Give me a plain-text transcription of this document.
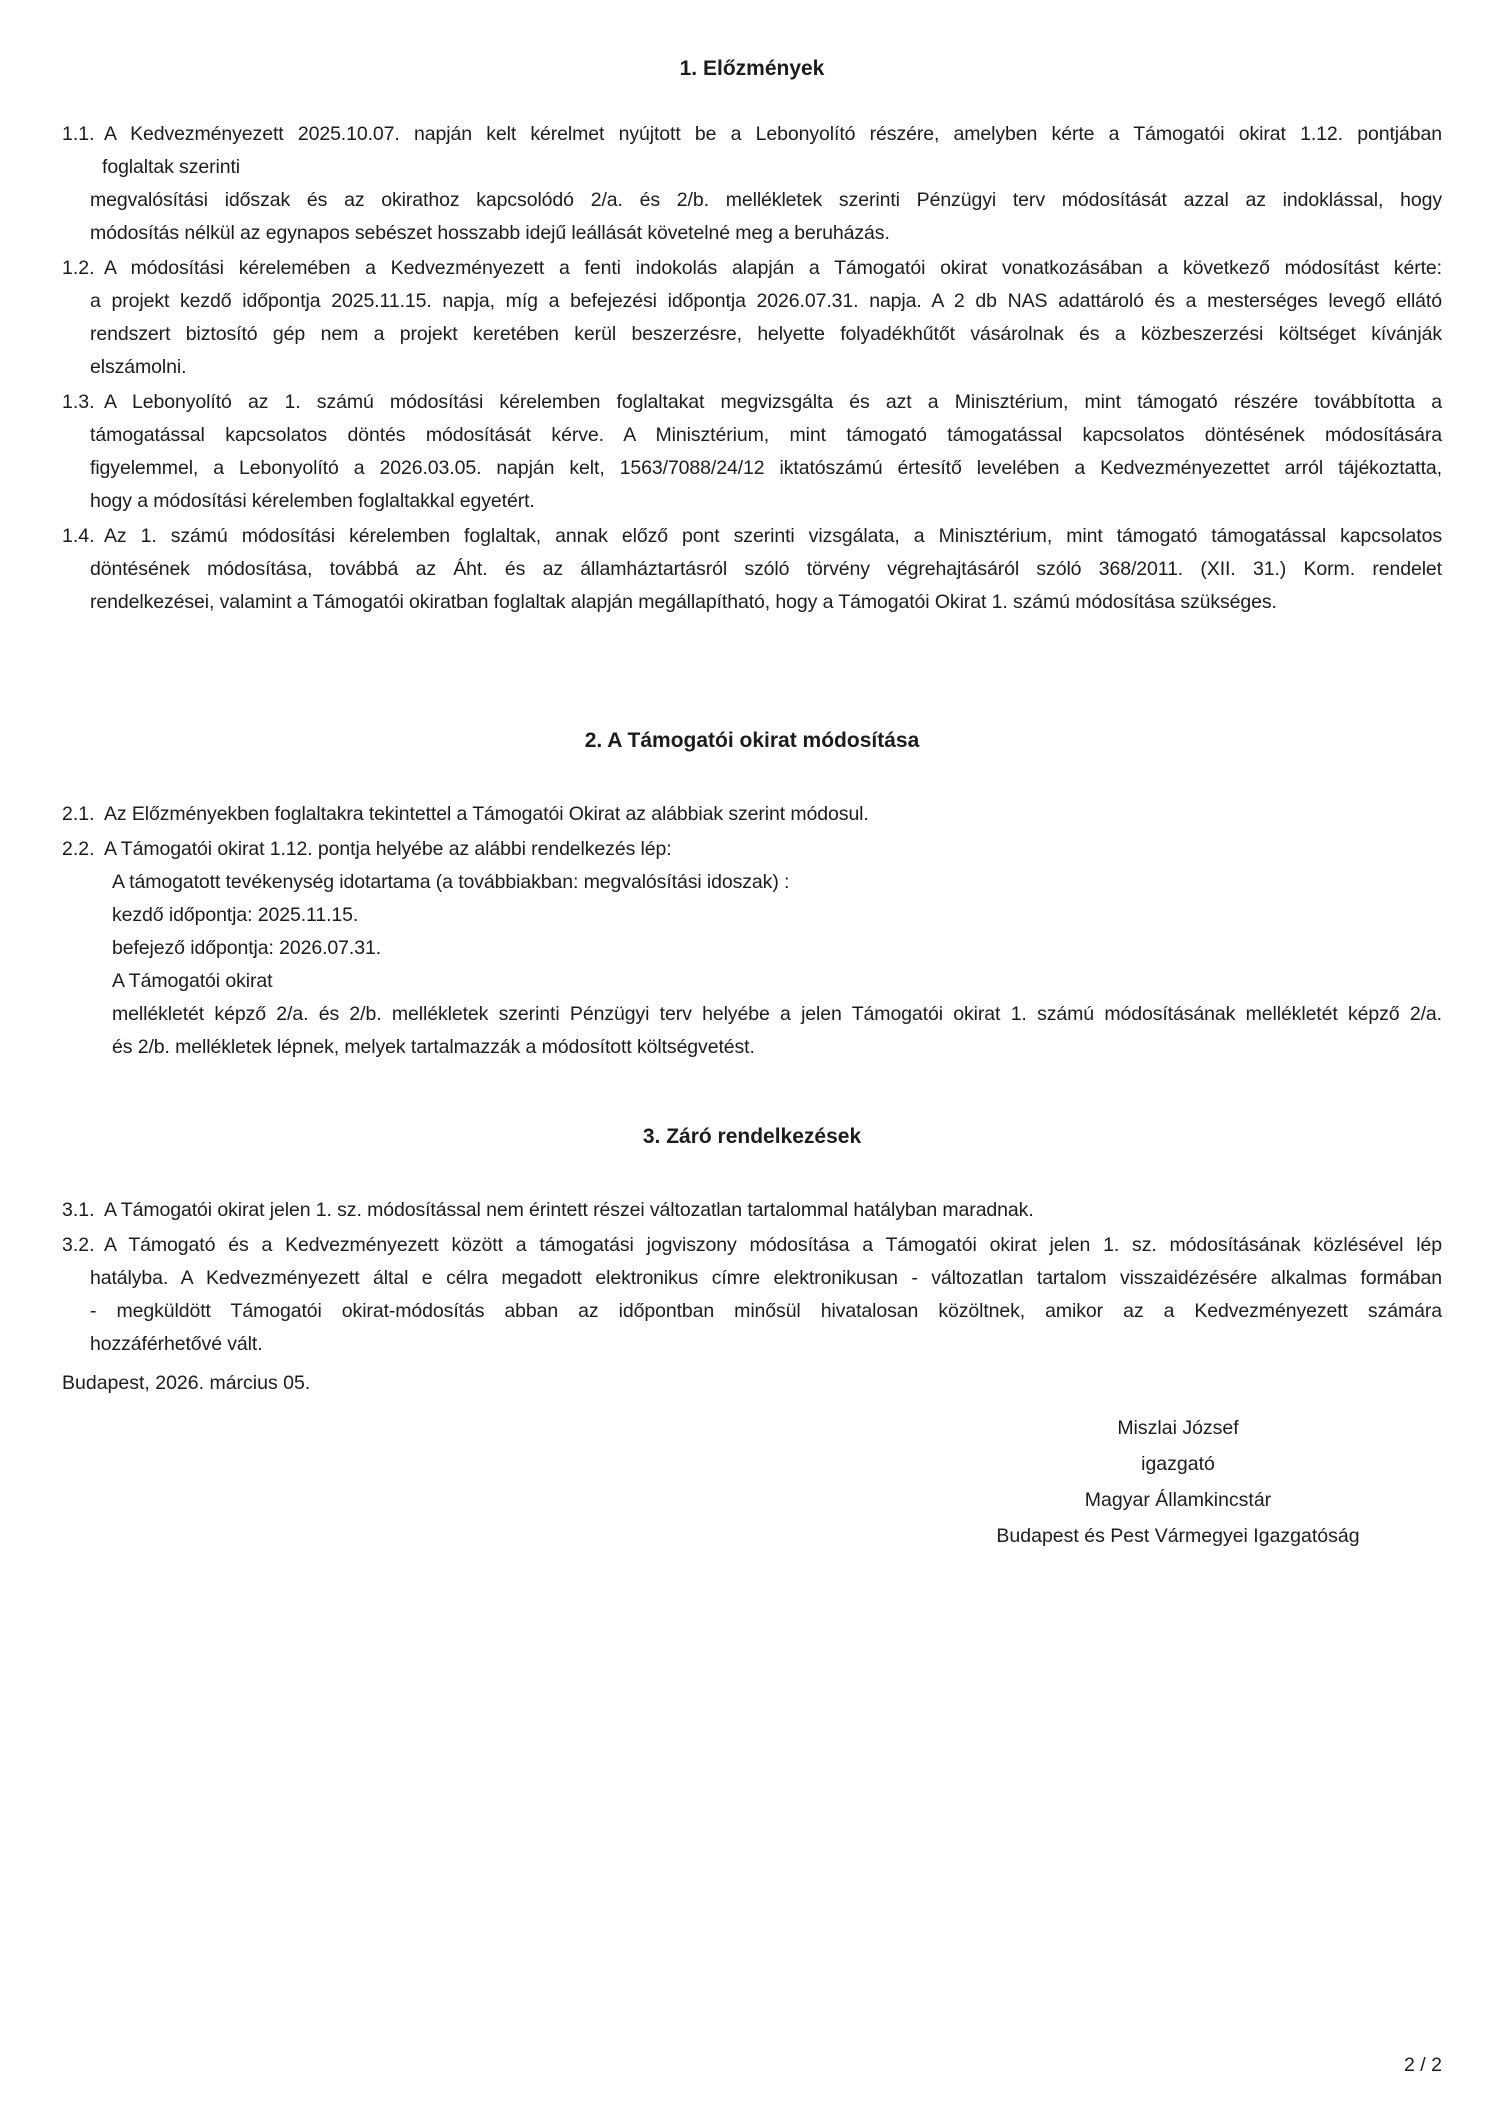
1. Előzmények
1.1. A Kedvezményezett 2025.10.07. napján kelt kérelmet nyújtott be a Lebonyolító részére, amelyben kérte a Támogatói okirat 1.12. pontjában
foglaltak szerinti
megvalósítási időszak és az okirathoz kapcsolódó 2/a. és 2/b. mellékletek szerinti Pénzügyi terv módosítását azzal az indoklással, hogy
módosítás nélkül az egynapos sebészet hosszabb idejű leállását követelné meg a beruházás.
1.2. A módosítási kérelemében a Kedvezményezett a fenti indokolás alapján a Támogatói okirat vonatkozásában a következő módosítást kérte:
a projekt kezdő időpontja 2025.11.15. napja, míg a befejezési időpontja 2026.07.31. napja. A 2 db NAS adattároló és a mesterséges levegő ellátó
rendszert biztosító gép nem a projekt keretében kerül beszerzésre, helyette folyadékhűtőt vásárolnak és a közbeszerzési költséget kívánják
elszámolni.
1.3. A Lebonyolító az 1. számú módosítási kérelemben foglaltakat megvizsgálta és azt a Minisztérium, mint támogató részére továbbította a
támogatással kapcsolatos döntés módosítását kérve. A Minisztérium, mint támogató támogatással kapcsolatos döntésének módosítására
figyelemmel, a Lebonyolító a 2026.03.05. napján kelt, 1563/7088/24/12 iktatószámú értesítő levelében a Kedvezményezettet arról tájékoztatta,
hogy a módosítási kérelemben foglaltakkal egyetért.
1.4. Az 1. számú módosítási kérelemben foglaltak, annak előző pont szerinti vizsgálata, a Minisztérium, mint támogató támogatással kapcsolatos
döntésének módosítása, továbbá az Áht. és az államháztartásról szóló törvény végrehajtásáról szóló 368/2011. (XII. 31.) Korm. rendelet
rendelkezései, valamint a Támogatói okiratban foglaltak alapján megállapítható, hogy a Támogatói Okirat 1. számú módosítása szükséges.
2. A Támogatói okirat módosítása
2.1. Az Előzményekben foglaltakra tekintettel a Támogatói Okirat az alábbiak szerint módosul.
2.2. A Támogatói okirat 1.12. pontja helyébe az alábbi rendelkezés lép:
A támogatott tevékenység idotartama (a továbbiakban: megvalósítási idoszak) :
kezdő időpontja: 2025.11.15.
befejező időpontja: 2026.07.31.
A Támogatói okirat
mellékletét képző 2/a. és 2/b. mellékletek szerinti Pénzügyi terv helyébe a jelen Támogatói okirat 1. számú módosításának mellékletét képző 2/a.
és 2/b. mellékletek lépnek, melyek tartalmazzák a módosított költségvetést.
3. Záró rendelkezések
3.1. A Támogatói okirat jelen 1. sz. módosítással nem érintett részei változatlan tartalommal hatályban maradnak.
3.2. A Támogató és a Kedvezményezett között a támogatási jogviszony módosítása a Támogatói okirat jelen 1. sz. módosításának közlésével lép
hatályba. A Kedvezményezett által e célra megadott elektronikus címre elektronikusan - változatlan tartalom visszaidézésére alkalmas formában
- megküldött Támogatói okirat-módosítás abban az időpontban minősül hivatalosan közöltnek, amikor az a Kedvezményezett számára
hozzáférhetővé vált.
Budapest, 2026. március 05.
Miszlai József
igazgató
Magyar Államkincstár
Budapest és Pest Vármegyei Igazgatóság
2 / 2
